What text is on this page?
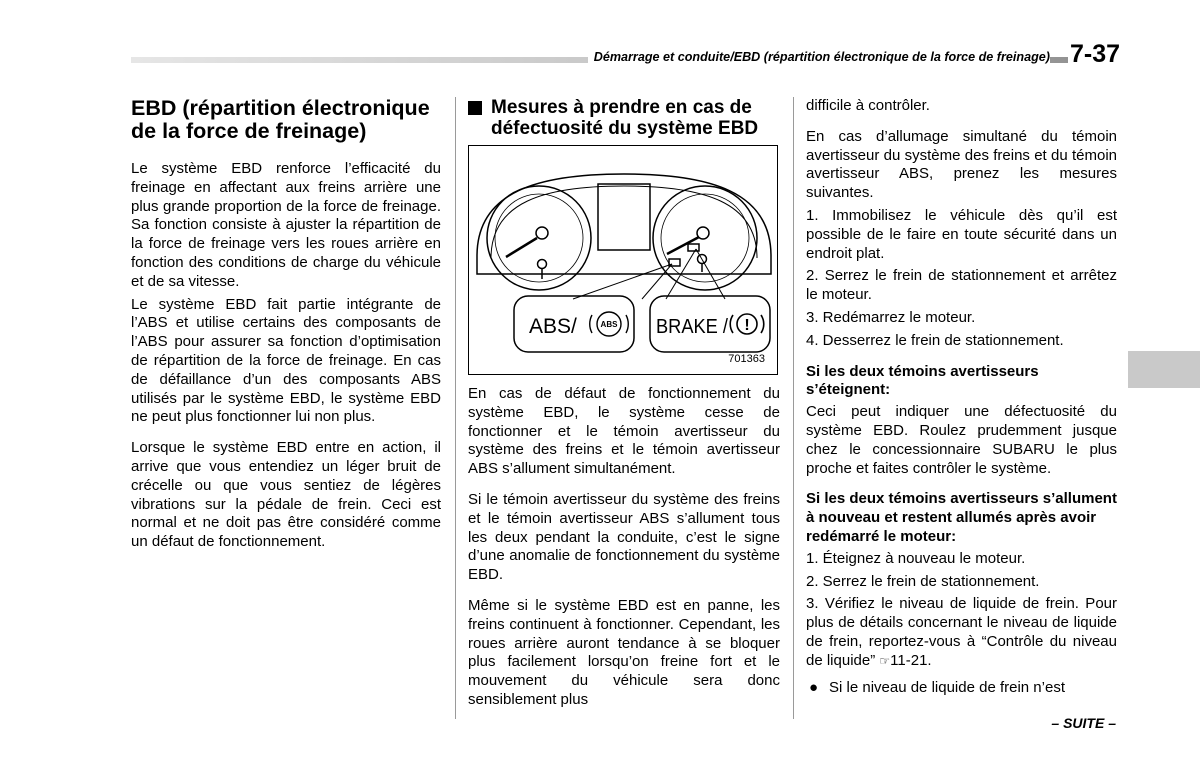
Démarrage et conduite/EBD (répartition électronique de la force de freinage) 7-37
EBD (répartition électronique
de la force de freinage)

Le système EBD renforce l’efficacité du freinage en affectant aux freins arrière une plus grande proportion de la force de freinage. Sa fonction consiste à ajuster la répartition de la force de freinage vers les roues arrière en fonction des conditions de charge du véhicule et de sa vitesse.

Le système EBD fait partie intégrante de l’ABS et utilise certains des composants de l’ABS pour assurer sa fonction d’optimisation de répartition de la force de freinage. En cas de défaillance d’un des composants ABS utilisés par le système EBD, le système EBD ne peut plus fonctionner lui non plus.

Lorsque le système EBD entre en action, il arrive que vous entendiez un léger bruit de crécelle ou que vous sentiez de légères vibrations sur la pédale de frein. Ceci est normal et ne doit pas être considéré comme un défaut de fonctionnement.

Mesures à prendre en cas de
défectuosité du système EBD
ABS/	ABS BRAKE / !
701363

En cas de défaut de fonctionnement du système EBD, le système cesse de fonctionner et le témoin avertisseur du système des freins et le témoin avertisseur ABS s’allument simultanément.

Si le témoin avertisseur du système des freins et le témoin avertisseur ABS s’allument tous les deux pendant la conduite, c’est le signe d’une anomalie de fonctionnement du système EBD.

Même si le système EBD est en panne, les freins continuent à fonctionner. Cependant, les roues arrière auront tendance à se bloquer plus facilement lorsqu’on freine fort et le mouvement du véhicule sera donc sensiblement plus

difficile à contrôler.

En cas d’allumage simultané du témoin avertisseur du système des freins et du témoin avertisseur ABS, prenez les mesures suivantes.

1. Immobilisez le véhicule dès qu’il est possible de le faire en toute sécurité dans un endroit plat.
2. Serrez le frein de stationnement et arrêtez le moteur.
3. Redémarrez le moteur.
4. Desserrez le frein de stationnement.

Si les deux témoins avertisseurs s’éteignent:

Ceci peut indiquer une défectuosité du système EBD. Roulez prudemment jusque chez le concessionnaire SUBARU le plus proche et faites contrôler le système.

Si les deux témoins avertisseurs s’allument à nouveau et restent allumés après avoir redémarré le moteur:

1. Éteignez à nouveau le moteur.
2. Serrez le frein de stationnement.
3. Vérifiez le niveau de liquide de frein. Pour plus de détails concernant le niveau de liquide de frein, reportez-vous à “Contrôle du niveau de liquide” ☞11-21.
● Si le niveau de liquide de frein n’est
– SUITE –
